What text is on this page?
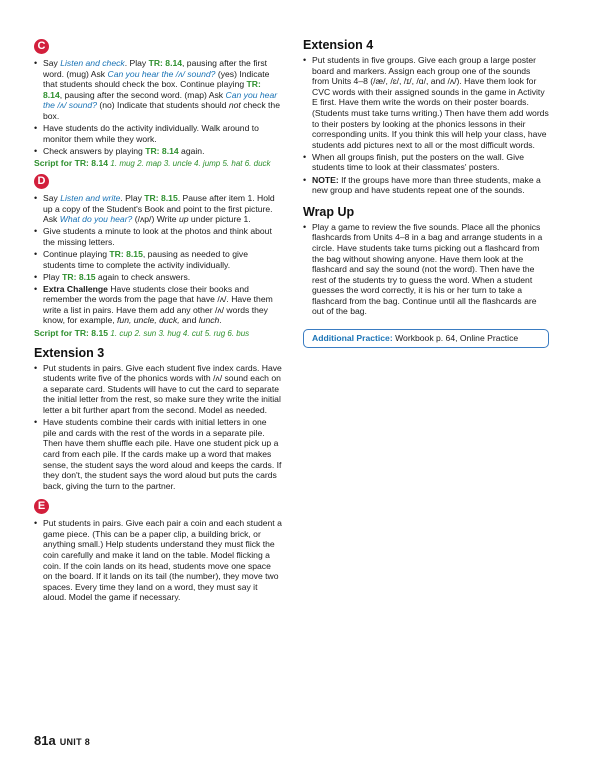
C
• Say Listen and check. Play TR: 8.14, pausing after the first word. (mug) Ask Can you hear the /ʌ/ sound? (yes) Indicate that students should check the box. Continue playing TR: 8.14, pausing after the second word. (map) Ask Can you hear the /ʌ/ sound? (no) Indicate that students should not check the box.
• Have students do the activity individually. Walk around to monitor them while they work.
• Check answers by playing TR: 8.14 again.
Script for TR: 8.14 1. mug 2. map 3. uncle 4. jump 5. hat 6. duck
D
• Say Listen and write. Play TR: 8.15. Pause after item 1. Hold up a copy of the Student's Book and point to the first picture. Ask What do you hear? (/ʌp/) Write up under picture 1.
• Give students a minute to look at the photos and think about the missing letters.
• Continue playing TR: 8.15, pausing as needed to give students time to complete the activity individually.
• Play TR: 8.15 again to check answers.
• Extra Challenge Have students close their books and remember the words from the page that have /ʌ/. Have them write a list in pairs. Have them add any other /ʌ/ words they know, for example, fun, uncle, duck, and lunch.
Script for TR: 8.15 1. cup 2. sun 3. hug 4. cut 5. rug 6. bus
Extension 3
• Put students in pairs. Give each student five index cards. Have students write five of the phonics words with /ʌ/ sound each on a separate card. Students will have to cut the card to separate the initial letter from the rest, so make sure they write the initial letter a bit further apart from the second. Model as needed.
• Have students combine their cards with initial letters in one pile and cards with the rest of the words in a separate pile. Then have them shuffle each pile. Have one student pick up a card from each pile. If the cards make up a word that makes sense, the student says the word aloud and keeps the cards. If they don't, the student says the word aloud but puts the cards back, giving the turn to the partner.
E
• Put students in pairs. Give each pair a coin and each student a game piece. (This can be a paper clip, a building brick, or anything small.) Help students understand they must flick the coin carefully and make it land on the table. Model flicking a coin. If the coin lands on its head, students move one space on the board. If it lands on its tail (the number), they move two spaces. Every time they land on a word, they must say it aloud. Model the game if necessary.
Extension 4
• Put students in five groups. Give each group a large poster board and markers. Assign each group one of the sounds from Units 4–8 (/æ/, /ɛ/, /ɪ/, /ɑ/, and /ʌ/). Have them look for CVC words with their assigned sounds in the game in Activity E first. Have them write the words on their poster boards. (Students must take turns writing.) Then have them add words to their posters by looking at the phonics lessons in their corresponding units. If you think this will help your class, have students add pictures next to all or the most difficult words.
• When all groups finish, put the posters on the wall. Give students time to look at their classmates' posters.
• NOTE: If the groups have more than three students, make a new group and have students repeat one of the sounds.
Wrap Up
• Play a game to review the five sounds. Place all the phonics flashcards from Units 4–8 in a bag and arrange students in a circle. Have students take turns picking out a flashcard from the bag without showing anyone. Have them look at the flashcard and say the sound (not the word). Then have the rest of the students try to guess the word. When a student guesses the word correctly, it is his or her turn to take a flashcard from the bag. Continue until all the flashcards are out of the bag.
Additional Practice: Workbook p. 64, Online Practice
81a UNIT 8
